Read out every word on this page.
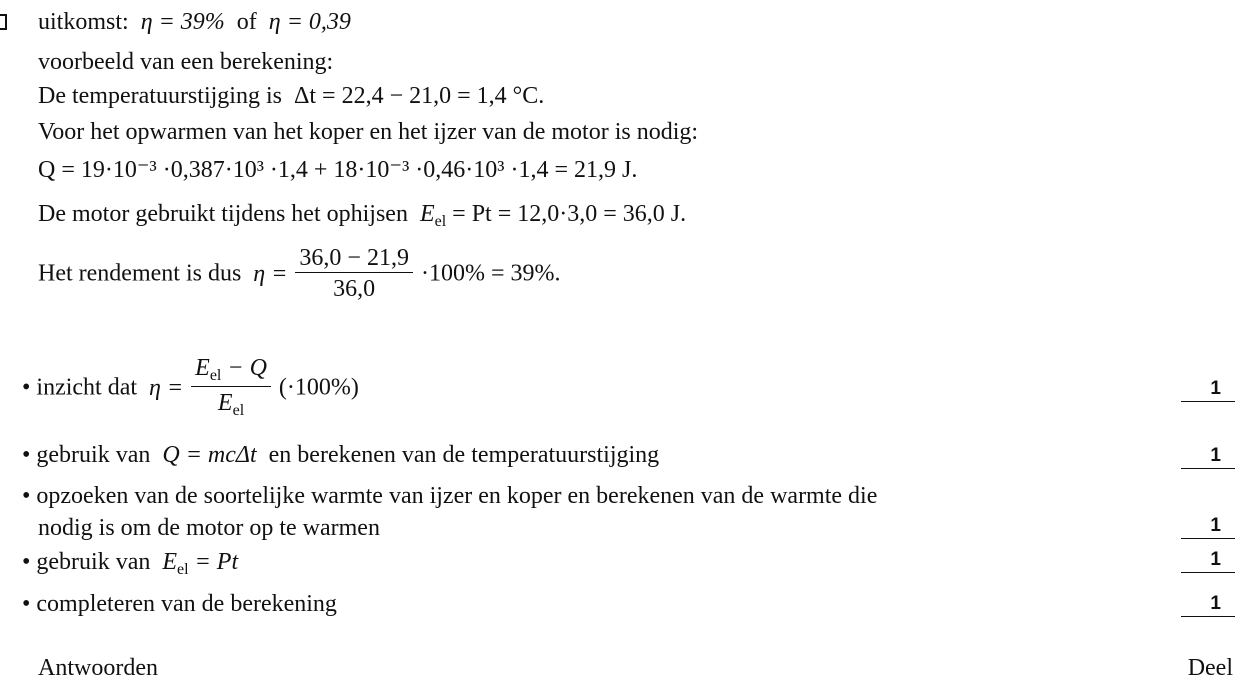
uitkomst: η = 39% of η = 0,39
voorbeeld van een berekening:
De temperatuurstijging is Δt = 22,4 − 21,0 = 1,4 °C.
Voor het opwarmen van het koper en het ijzer van de motor is nodig:
Q = 19·10⁻³ ·0,387·10³ ·1,4 + 18·10⁻³ ·0,46·10³ ·1,4 = 21,9 J.
De motor gebruikt tijdens het ophijsen $E_{el} = Pt = 12,0\cdot 3,0 = 36,0$ J.
Het rendement is dus $\eta = \frac{36,0 - 21,9}{36,0} \cdot 100\% = 39\%$.
• inzicht dat $\eta = \frac{E_{el} - Q}{E_{el}} (\cdot 100\%)$	1
• gebruik van Q = mcΔt en berekenen van de temperatuurstijging	1
• opzoeken van de soortelijke warmte van ijzer en koper en berekenen van de warmte die
nodig is om de motor op te warmen	1
• gebruik van $E_{el} = Pt$	1
• completeren van de berekening	1
Antwoorden	Deel
